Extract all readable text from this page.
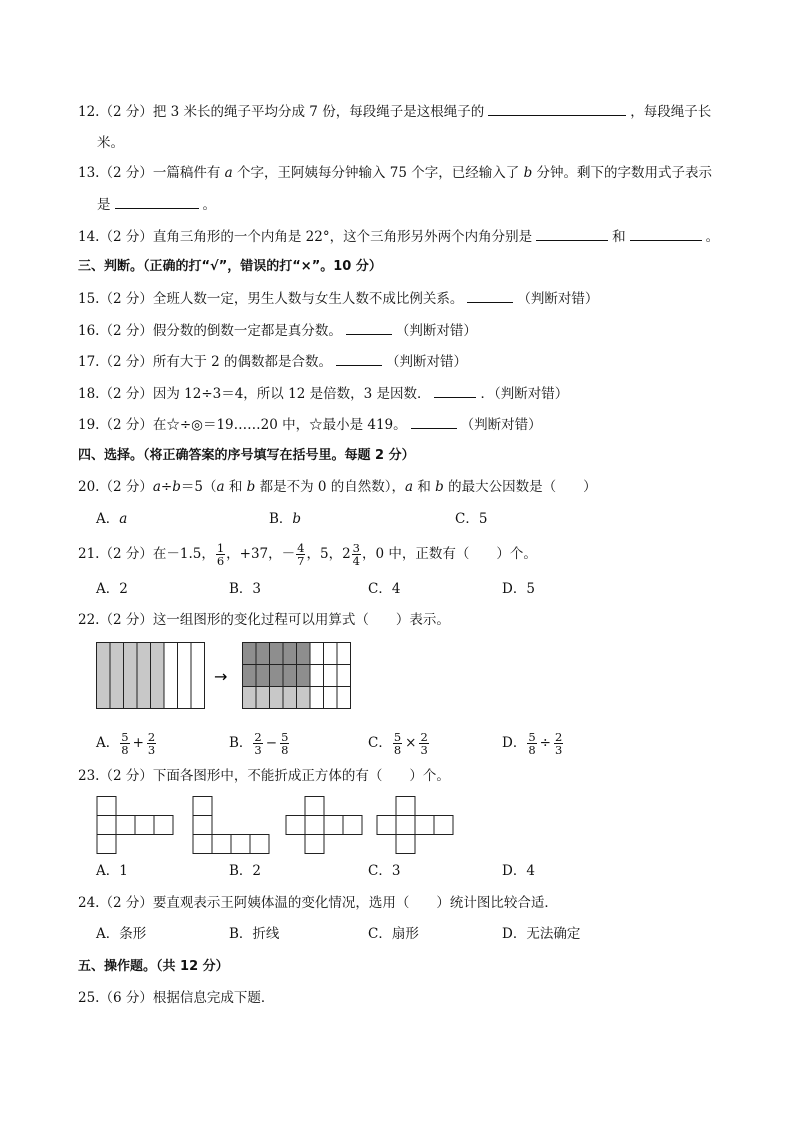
12.（2 分）把 3 米长的绳子平均分成 7 份，每段绳子是这根绳子的	，每段绳子长
米。
13.（2 分）一篇稿件有 a 个字，王阿姨每分钟输入 75 个字，已经输入了 b 分钟。剩下的字数用式子表示
是	。
14.（2 分）直角三角形的一个内角是 22°，这个三角形另外两个内角分别是	和	。
三、判断。（正确的打“√”，错误的打“×”。10 分）
15.（2 分）全班人数一定，男生人数与女生人数不成比例关系。	（判断对错）
16.（2 分）假分数的倒数一定都是真分数。	（判断对错）
17.（2 分）所有大于 2 的偶数都是合数。	（判断对错）
18.（2 分）因为 12÷3＝4，所以 12 是倍数，3 是因数．	．（判断对错）
19.（2 分）在☆÷◎＝19……20 中，☆最小是 419。	（判断对错）
四、选择。（将正确答案的序号填写在括号里。每题 2 分）
20.（2 分）a÷b＝5（a 和 b 都是不为 0 的自然数），a 和 b 的最大公因数是（　　）
A．a	B．b	C．5
21.（2 分）在－1.5， $\frac{1}{6}$ ，+37，－ $\frac{4}{7}$ ，5，$2 \frac{3}{4}$ ，0 中，正数有（　　）个。
A．2	B．3	C．4	D．5
22.（2 分）这一组图形的变化过程可以用算式（　　）表示。
→
A． $\frac{5}{8} + \frac{2}{3}$	B． $\frac{2}{3} - \frac{5}{8}$	C． $\frac{5}{8} \times \frac{2}{3}$	D． $\frac{5}{8} \div \frac{2}{3}$
23.（2 分）下面各图形中，不能折成正方体的有（　　）个。
A．1	B．2	C．3	D．4
24.（2 分）要直观表示王阿姨体温的变化情况，选用（　　）统计图比较合适．
A．条形	B．折线	C．扇形	D．无法确定
五、操作题。（共 12 分）
25.（6 分）根据信息完成下题．
